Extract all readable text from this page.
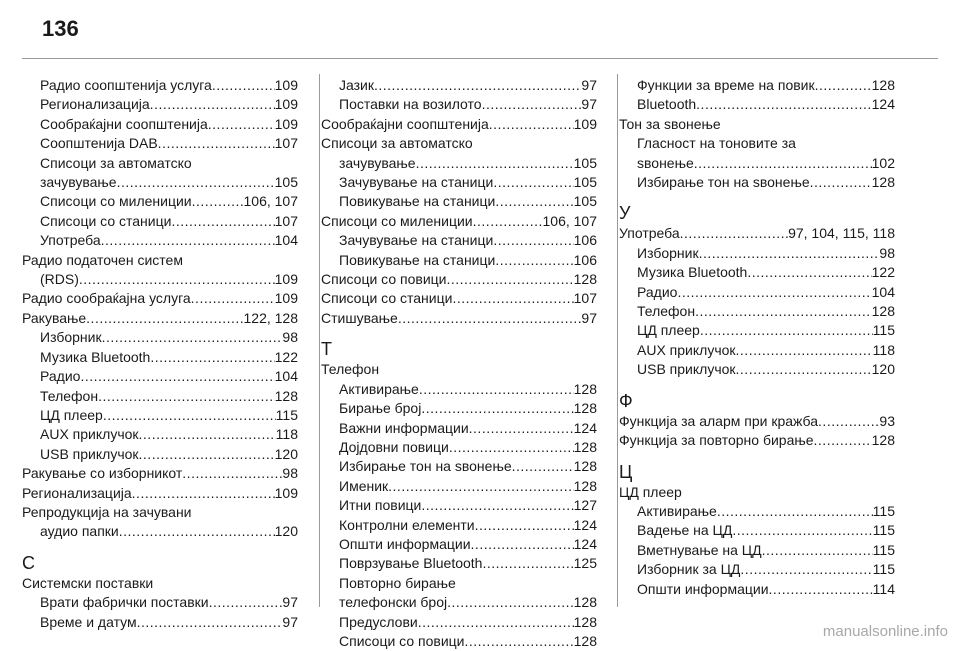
136
Радио соопштенија услуга .....	109
Регионализација .....	109
Сообраќајни соопштенија .....	109
Соопштенија DAB .....	107
Списоци за автоматско
зачувување .....	105
Списоци со милениции .....	106, 107
Списоци со станици .....	107
Употреба .....	104
Радио податочен систем
(RDS) .....	109
Радио сообраќајна услуга .....	109
Ракување .....	122, 128
Изборник .....	98
Музика Bluetooth .....	122
Радио .....	104
Телефон .....	128
ЦД плеер .....	115
AUX приклучок .....	118
USB приклучок .....	120
Ракување со изборникот .....	98
Регионализација .....	109
Репродукција на зачувани
аудио папки .....	120
С
Системски поставки
Врати фабрички поставки .....	97
Време и датум .....	97
Јазик .....	97
Поставки на возилото .....	97
Сообраќајни соопштенија .....	109
Списоци за автоматско
зачувување .....	105
Зачувување на станици .....	105
Повикување на станици .....	105
Списоци со милениции .....	106, 107
Зачувување на станици .....	106
Повикување на станици .....	106
Списоци со повици .....	128
Списоци со станици .....	107
Стишување .....	97
Т
Телефон
Активирање .....	128
Бирање број .....	128
Важни информации .....	124
Дојдовни повици .....	128
Избирање тон на ѕвонење .....	128
Именик .....	128
Итни повици .....	127
Контролни елементи .....	124
Општи информации .....	124
Поврзување Bluetooth .....	125
Повторно бирање
телефонски број .....	128
Предуслови .....	128
Списоци со повици .....	128
Функции за време на повик .....	128
Bluetooth .....	124
Тон за ѕвонење
Гласност на тоновите за
ѕвонење .....	102
Избирање тон на ѕвонење .....	128
У
Употреба .....	97, 104, 115, 118
Изборник .....	98
Музика Bluetooth .....	122
Радио .....	104
Телефон .....	128
ЦД плеер .....	115
AUX приклучок .....	118
USB приклучок .....	120
Ф
Функција за аларм при кражба .....	93
Функција за повторно бирање .....	128
Ц
ЦД плеер
Активирање .....	115
Вадење на ЦД .....	115
Вметнување на ЦД .....	115
Изборник за ЦД .....	115
Општи информации .....	114
manualsonline.info
